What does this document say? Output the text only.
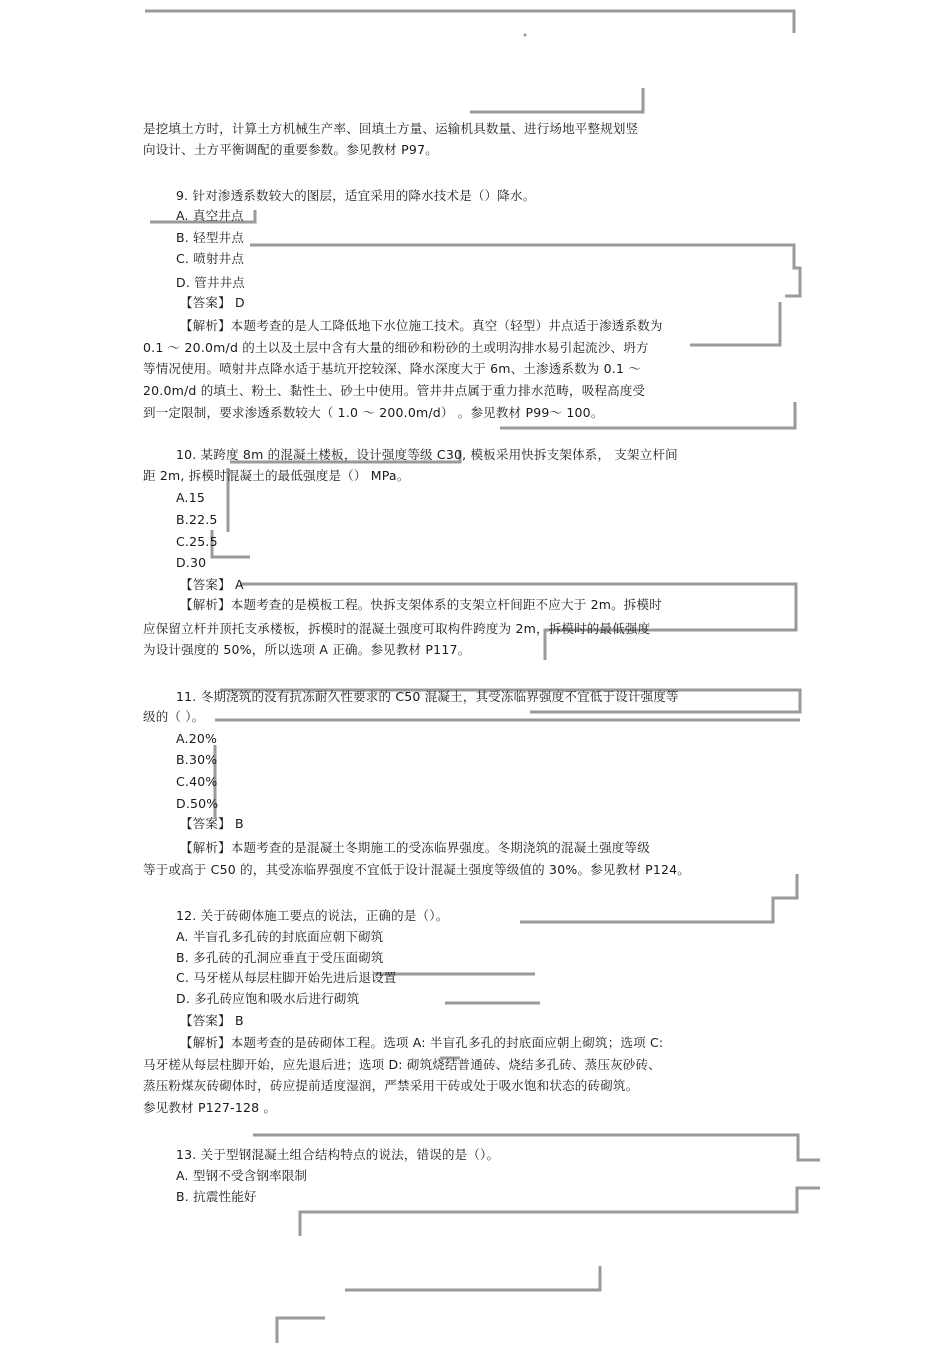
是挖填土方时，计算土方机械生产率、回填土方量、运输机具数量、进行场地平整规划竖
向设计、土方平衡调配的重要参数。参见教材 P97。
9. 针对渗透系数较大的图层，适宜采用的降水技术是（）降水。
A. 真空井点
B. 轻型井点
C. 喷射井点
D. 管井井点
【答案】 D
【解析】本题考查的是人工降低地下水位施工技术。真空（轻型）井点适于渗透系数为
0.1 ～ 20.0m/d 的土以及土层中含有大量的细砂和粉砂的土或明沟排水易引起流沙、坍方
等情况使用。喷射井点降水适于基坑开挖较深、降水深度大于 6m、土渗透系数为 0.1 ～
20.0m/d 的填土、粉土、黏性土、砂土中使用。管井井点属于重力排水范畴，吸程高度受
到一定限制，要求渗透系数较大（ 1.0 ～ 200.0m/d） 。参见教材 P99～ 100。
10. 某跨度 8m 的混凝土楼板，设计强度等级 C30, 模板采用快拆支架体系， 支架立杆间
距 2m, 拆模时混凝土的最低强度是（） MPa。
A.15
B.22.5
C.25.5
D.30
【答案】 A
【解析】本题考查的是模板工程。快拆支架体系的支架立杆间距不应大于 2m。拆模时
应保留立杆并顶托支承楼板，拆模时的混凝土强度可取构件跨度为 2m，拆模时的最低强度
为设计强度的 50%，所以选项 A 正确。参见教材 P117。
11. 冬期浇筑的没有抗冻耐久性要求的 C50 混凝土，其受冻临界强度不宜低于设计强度等
级的（ ）。
A.20%
B.30%
C.40%
D.50%
【答案】 B
【解析】本题考查的是混凝土冬期施工的受冻临界强度。冬期浇筑的混凝土强度等级
等于或高于 C50 的，其受冻临界强度不宜低于设计混凝土强度等级值的 30%。参见教材 P124。
12. 关于砖砌体施工要点的说法，正确的是（）。
A. 半盲孔多孔砖的封底面应朝下砌筑
B. 多孔砖的孔洞应垂直于受压面砌筑
C. 马牙槎从每层柱脚开始先进后退设置
D. 多孔砖应饱和吸水后进行砌筑
【答案】 B
【解析】本题考查的是砖砌体工程。选项 A: 半盲孔多孔的封底面应朝上砌筑；选项 C:
马牙槎从每层柱脚开始，应先退后进；选项 D: 砌筑烧结普通砖、烧结多孔砖、蒸压灰砂砖、
蒸压粉煤灰砖砌体时，砖应提前适度湿润，严禁采用干砖或处于吸水饱和状态的砖砌筑。
参见教材 P127-128 。
13. 关于型钢混凝土组合结构特点的说法，错误的是（）。
A. 型钢不受含钢率限制
B. 抗震性能好
